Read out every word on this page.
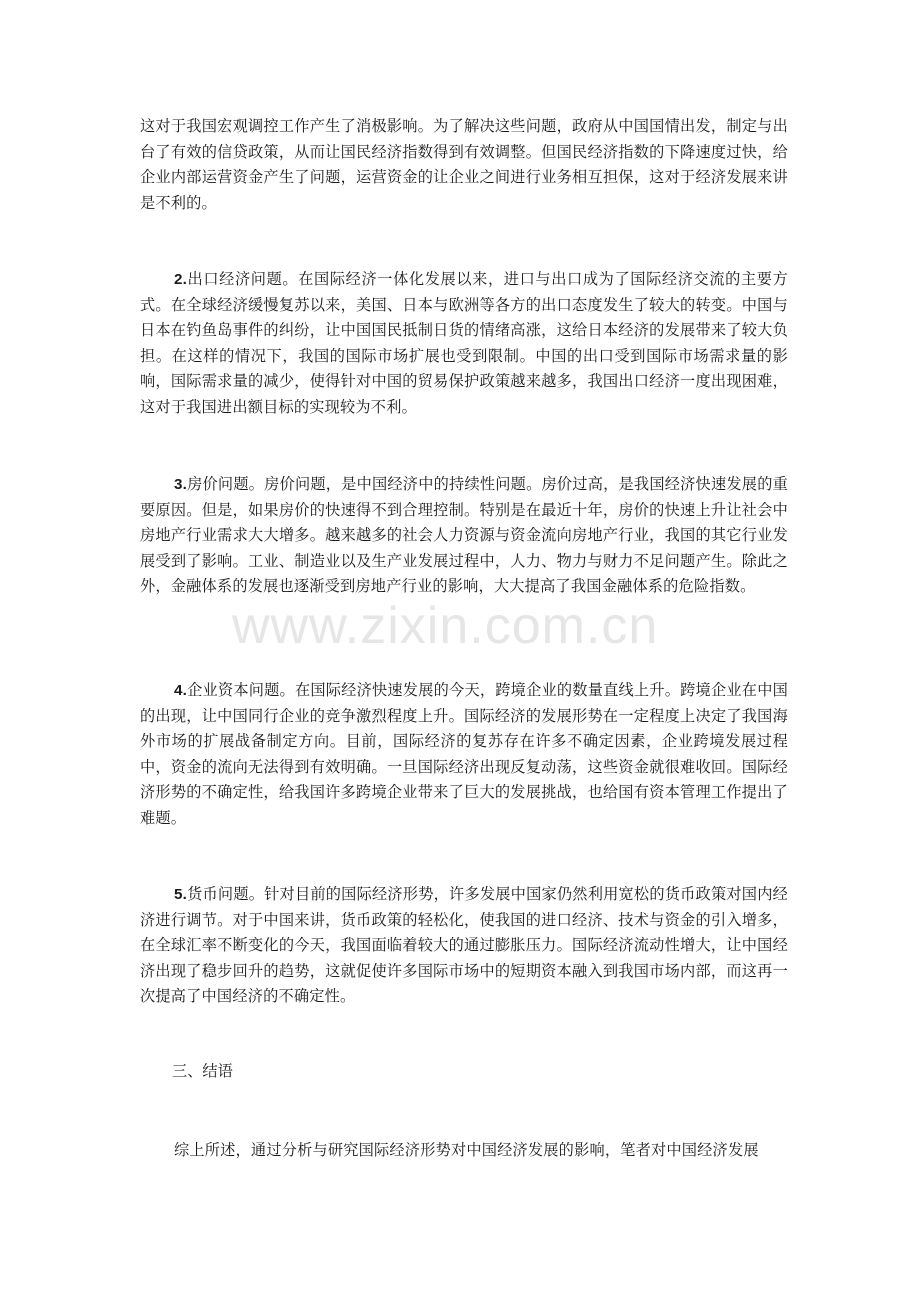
这对于我国宏观调控工作产生了消极影响。为了解决这些问题，政府从中国国情出发，制定与出台了有效的信贷政策，从而让国民经济指数得到有效调整。但国民经济指数的下降速度过快，给企业内部运营资金产生了问题，运营资金的让企业之间进行业务相互担保，这对于经济发展来讲是不利的。

2.出口经济问题。在国际经济一体化发展以来，进口与出口成为了国际经济交流的主要方式。在全球经济缓慢复苏以来，美国、日本与欧洲等各方的出口态度发生了较大的转变。中国与日本在钓鱼岛事件的纠纷，让中国国民抵制日货的情绪高涨，这给日本经济的发展带来了较大负担。在这样的情况下，我国的国际市场扩展也受到限制。中国的出口受到国际市场需求量的影响，国际需求量的减少，使得针对中国的贸易保护政策越来越多，我国出口经济一度出现困难，这对于我国进出额目标的实现较为不利。

3.房价问题。房价问题，是中国经济中的持续性问题。房价过高，是我国经济快速发展的重要原因。但是，如果房价的快速得不到合理控制。特别是在最近十年，房价的快速上升让社会中房地产行业需求大大增多。越来越多的社会人力资源与资金流向房地产行业，我国的其它行业发展受到了影响。工业、制造业以及生产业发展过程中，人力、物力与财力不足问题产生。除此之外，金融体系的发展也逐渐受到房地产行业的影响，大大提高了我国金融体系的危险指数。

4.企业资本问题。在国际经济快速发展的今天，跨境企业的数量直线上升。跨境企业在中国的出现，让中国同行企业的竞争激烈程度上升。国际经济的发展形势在一定程度上决定了我国海外市场的扩展战备制定方向。目前，国际经济的复苏存在许多不确定因素，企业跨境发展过程中，资金的流向无法得到有效明确。一旦国际经济出现反复动荡，这些资金就很难收回。国际经济形势的不确定性，给我国许多跨境企业带来了巨大的发展挑战，也给国有资本管理工作提出了难题。

5.货币问题。针对目前的国际经济形势，许多发展中国家仍然利用宽松的货币政策对国内经济进行调节。对于中国来讲，货币政策的轻松化，使我国的进口经济、技术与资金的引入增多，在全球汇率不断变化的今天，我国面临着较大的通过膨胀压力。国际经济流动性增大，让中国经济出现了稳步回升的趋势，这就促使许多国际市场中的短期资本融入到我国市场内部，而这再一次提高了中国经济的不确定性。

三、结语

综上所述，通过分析与研究国际经济形势对中国经济发展的影响，笔者对中国经济发展

www.zixin.com.cn
